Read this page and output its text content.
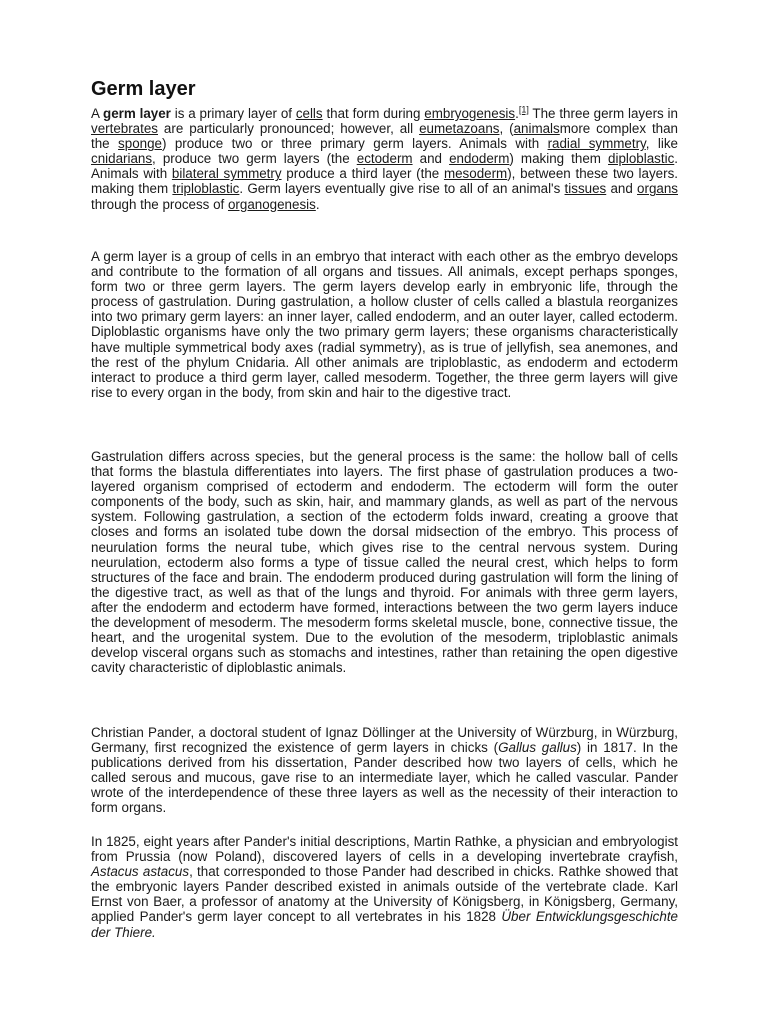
Germ layer

A germ layer is a primary layer of cells that form during embryogenesis.[1] The three germ layers in vertebrates are particularly pronounced; however, all eumetazoans, (animalsmore complex than the sponge) produce two or three primary germ layers. Animals with radial symmetry, like cnidarians, produce two germ layers (the ectoderm and endoderm) making them diploblastic. Animals with bilateral symmetry produce a third layer (the mesoderm), between these two layers. making them triploblastic. Germ layers eventually give rise to all of an animal's tissues and organs through the process of organogenesis.

A germ layer is a group of cells in an embryo that interact with each other as the embryo develops and contribute to the formation of all organs and tissues. All animals, except perhaps sponges, form two or three germ layers. The germ layers develop early in embryonic life, through the process of gastrulation. During gastrulation, a hollow cluster of cells called a blastula reorganizes into two primary germ layers: an inner layer, called endoderm, and an outer layer, called ectoderm. Diploblastic organisms have only the two primary germ layers; these organisms characteristically have multiple symmetrical body axes (radial symmetry), as is true of jellyfish, sea anemones, and the rest of the phylum Cnidaria. All other animals are triploblastic, as endoderm and ectoderm interact to produce a third germ layer, called mesoderm. Together, the three germ layers will give rise to every organ in the body, from skin and hair to the digestive tract.

Gastrulation differs across species, but the general process is the same: the hollow ball of cells that forms the blastula differentiates into layers. The first phase of gastrulation produces a two-layered organism comprised of ectoderm and endoderm. The ectoderm will form the outer components of the body, such as skin, hair, and mammary glands, as well as part of the nervous system. Following gastrulation, a section of the ectoderm folds inward, creating a groove that closes and forms an isolated tube down the dorsal midsection of the embryo. This process of neurulation forms the neural tube, which gives rise to the central nervous system. During neurulation, ectoderm also forms a type of tissue called the neural crest, which helps to form structures of the face and brain. The endoderm produced during gastrulation will form the lining of the digestive tract, as well as that of the lungs and thyroid. For animals with three germ layers, after the endoderm and ectoderm have formed, interactions between the two germ layers induce the development of mesoderm. The mesoderm forms skeletal muscle, bone, connective tissue, the heart, and the urogenital system. Due to the evolution of the mesoderm, triploblastic animals develop visceral organs such as stomachs and intestines, rather than retaining the open digestive cavity characteristic of diploblastic animals.

Christian Pander, a doctoral student of Ignaz Döllinger at the University of Würzburg, in Würzburg, Germany, first recognized the existence of germ layers in chicks (Gallus gallus) in 1817. In the publications derived from his dissertation, Pander described how two layers of cells, which he called serous and mucous, gave rise to an intermediate layer, which he called vascular. Pander wrote of the interdependence of these three layers as well as the necessity of their interaction to form organs.

In 1825, eight years after Pander's initial descriptions, Martin Rathke, a physician and embryologist from Prussia (now Poland), discovered layers of cells in a developing invertebrate crayfish, Astacus astacus, that corresponded to those Pander had described in chicks. Rathke showed that the embryonic layers Pander described existed in animals outside of the vertebrate clade. Karl Ernst von Baer, a professor of anatomy at the University of Königsberg, in Königsberg, Germany, applied Pander's germ layer concept to all vertebrates in his 1828 Über Entwicklungsgeschichte der Thiere.
